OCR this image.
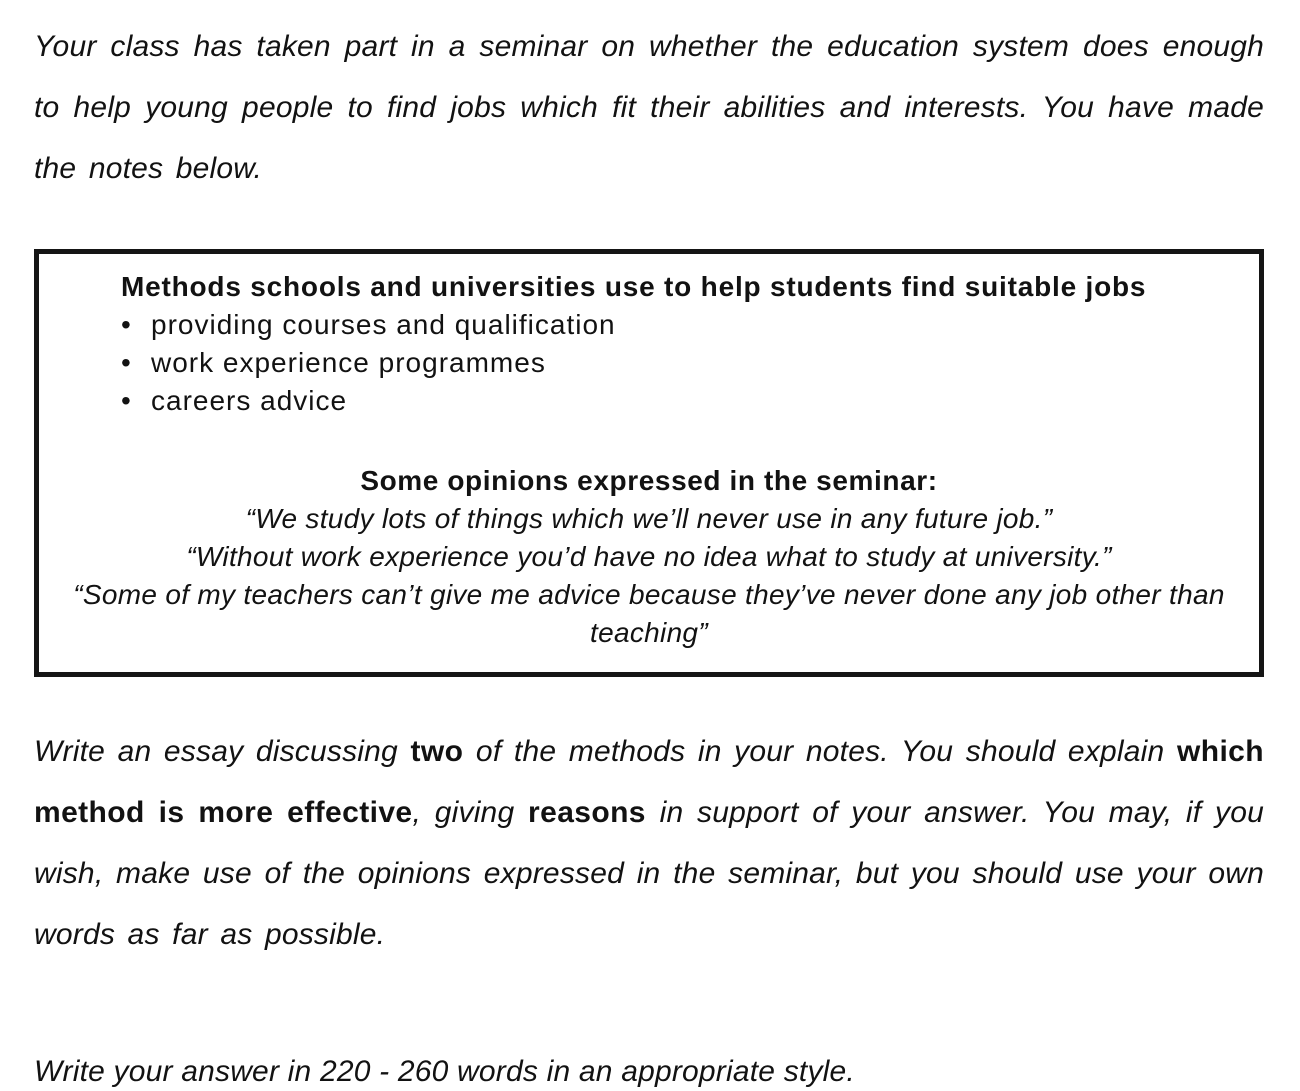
Your class has taken part in a seminar on whether the education system does enough to help young people to find jobs which fit their abilities and interests. You have made the notes below.

Methods schools and universities use to help students find suitable jobs

• providing courses and qualification
• work experience programmes
• careers advice

Some opinions expressed in the seminar:

“We study lots of things which we’ll never use in any future job.”

“Without work experience you’d have no idea what to study at university.”

“Some of my teachers can’t give me advice because they’ve never done any job other than teaching”

Write an essay discussing two of the methods in your notes. You should explain which method is more effective, giving reasons in support of your answer. You may, if you wish, make use of the opinions expressed in the seminar, but you should use your own words as far as possible.

Write your answer in 220 - 260 words in an appropriate style.
